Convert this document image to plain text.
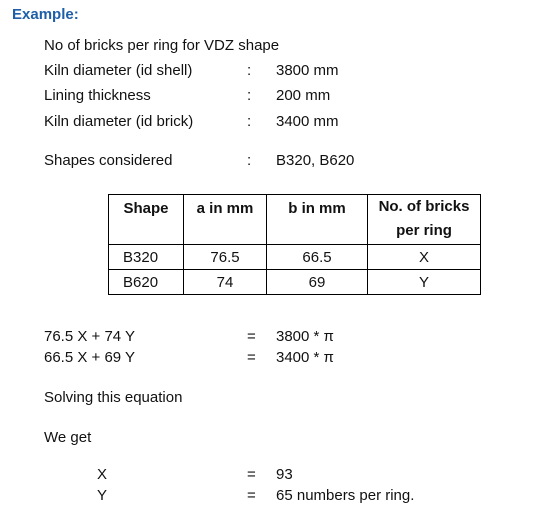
Example:
No of bricks per ring for VDZ shape
Kiln diameter (id shell)	: 3800 mm
Lining thickness	: 200 mm
Kiln diameter (id brick)	: 3400 mm
Shapes considered	: B320, B620
Shape	a in mm	b in mm	No. of bricks
per ring

B320	76.5	66.5	X
B620	74	69	Y
76.5 X + 74 Y	= 3800 * π
66.5 X + 69 Y	= 3400 * π
Solving this equation
We get
X	= 93
Y	= 65 numbers per ring.
